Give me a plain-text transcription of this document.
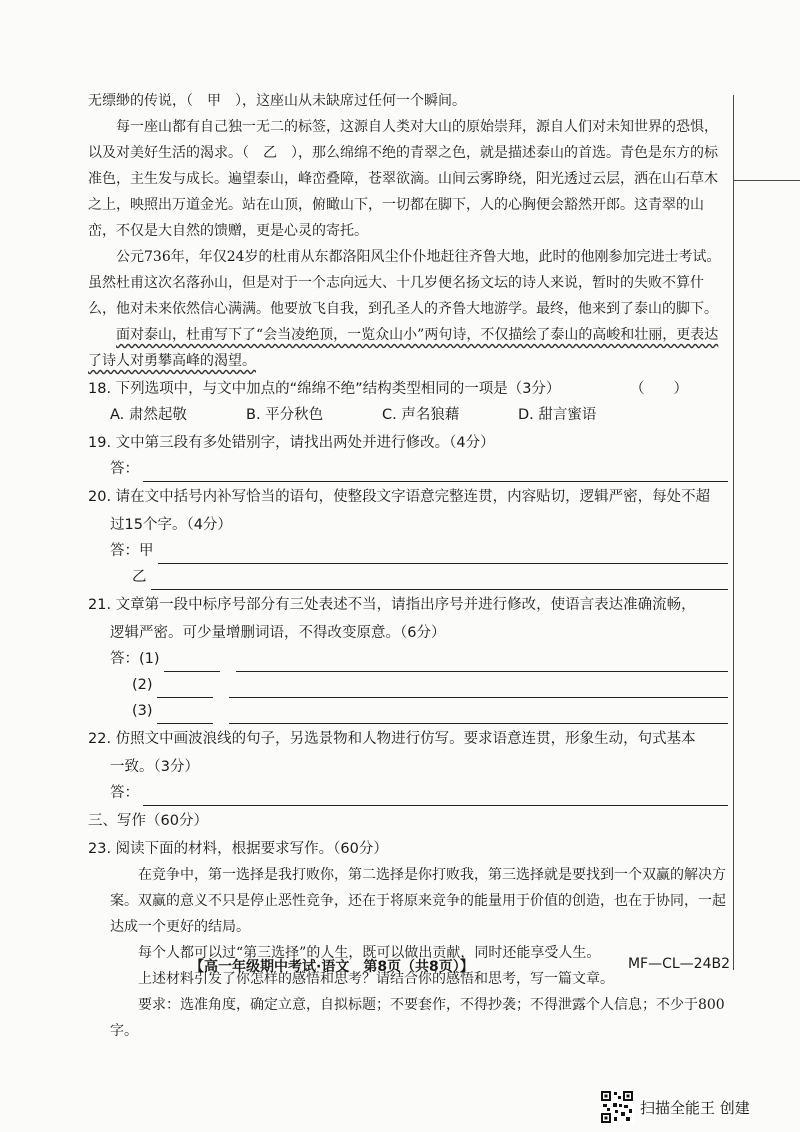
无缥缈的传说，（　甲　），这座山从未缺席过任何一个瞬间。

每一座山都有自己独一无二的标签，这源自人类对大山的原始崇拜，源自人们对未知世界的恐惧，以及对美好生活的渴求。（　乙　），那么绵绵不绝的青翠之色，就是描述泰山的首选。青色是东方的标准色，主生发与成长。遍望泰山，峰峦叠障，苍翠欲滴。山间云雾睁绕，阳光透过云层，洒在山石草木之上，映照出万道金光。站在山顶，俯瞰山下，一切都在脚下，人的心胸便会豁然开郎。这青翠的山峦，不仅是大自然的馈赠，更是心灵的寄托。

公元736年，年仅24岁的杜甫从东都洛阳风尘仆仆地赶往齐鲁大地，此时的他刚参加完进士考试。虽然杜甫这次名落孙山，但是对于一个志向远大、十几岁便名扬文坛的诗人来说，暂时的失败不算什么，他对未来依然信心满满。他要放飞自我，到孔圣人的齐鲁大地游学。最终，他来到了泰山的脚下。

面对泰山，杜甫写下了“会当凌绝顶，一览众山小”两句诗，不仅描绘了泰山的高峻和壮丽，更表达了诗人对勇攀高峰的渴望。

18. 下列选项中，与文中加点的“绵绵不绝”结构类型相同的一项是（3分）	（　　）

A. 肃然起敬	B. 平分秋色	C. 声名狼藉	D. 甜言蜜语

19. 文中第三段有多处错别字，请找出两处并进行修改。（4分）

答：

20. 请在文中括号内补写恰当的语句，使整段文字语意完整连贯，内容贴切，逻辑严密，每处不超

过15个字。（4分）

答：甲
乙

21. 文章第一段中标序号部分有三处表述不当，请指出序号并进行修改，使语言表达准确流畅，

逻辑严密。可少量增删词语，不得改变原意。（6分）

答：(1)
(2)
(3)

22. 仿照文中画波浪线的句子，另选景物和人物进行仿写。要求语意连贯，形象生动，句式基本

一致。（3分）

答：

三、写作（60分）

23. 阅读下面的材料，根据要求写作。（60分）

在竞争中，第一选择是我打败你，第二选择是你打败我，第三选择就是要找到一个双赢的解决方案。双赢的意义不只是停止恶性竞争，还在于将原来竞争的能量用于价值的创造，也在于协同，一起达成一个更好的结局。

每个人都可以过“第三选择”的人生，既可以做出贡献，同时还能享受人生。

上述材料引发了你怎样的感悟和思考？请结合你的感悟和思考，写一篇文章。

要求：选准角度，确定立意，自拟标题；不要套作，不得抄袭；不得泄露个人信息；不少于800字。

【高一年级期中考试·语文　第8页（共8页）】	MF—CL—24B2
扫描全能王 创建
